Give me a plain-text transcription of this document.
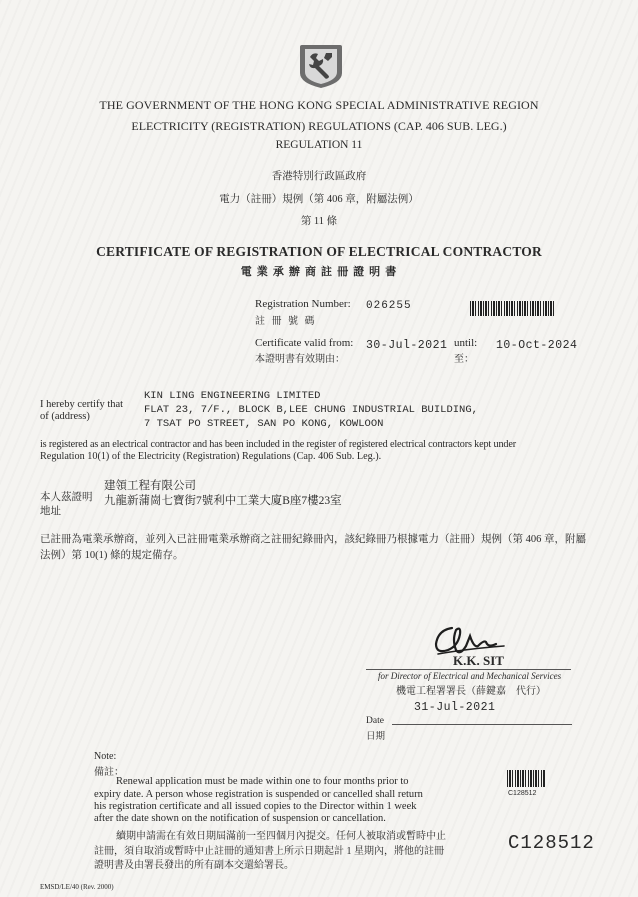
THE GOVERNMENT OF THE HONG KONG SPECIAL ADMINISTRATIVE REGION
ELECTRICITY (REGISTRATION) REGULATIONS (CAP. 406 SUB. LEG.)
REGULATION 11
香港特別行政區政府
電力（註冊）規例（第 406 章，附屬法例）
第 11 條
CERTIFICATE OF REGISTRATION OF ELECTRICAL CONTRACTOR
電 業 承 辦 商 註 冊 證 明 書
Registration Number:
註 冊 號 碼
026255
Certificate valid from:
本證明書有效期由：
30-Jul-2021 until:
至：
10-Oct-2024
I hereby certify that
of (address)
KIN LING ENGINEERING LIMITED
FLAT 23, 7/F., BLOCK B,LEE CHUNG INDUSTRIAL BUILDING,
7 TSAT PO STREET, SAN PO KONG, KOWLOON
is registered as an electrical contractor and has been included in the register of registered electrical contractors kept under
Regulation 10(1) of the Electricity (Registration) Regulations (Cap. 406 Sub. Leg.).
本人茲證明
地址
建領工程有限公司
九龍新蒲崗七寶街7號利中工業大廈B座7樓23室
已註冊為電業承辦商，並列入已註冊電業承辦商之註冊紀錄冊內，該紀錄冊乃根據電力（註冊）規例（第 406 章，附屬
法例）第 10(1) 條的規定備存。
K.K. SIT
for Director of Electrical and Mechanical Services
機電工程署署長（薛鍵嘉　代行）
31-Jul-2021
Date
日期
Note:
備註：
Renewal application must be made within one to four months prior to
expiry date. A person whose registration is suspended or cancelled shall return
his registration certificate and all issued copies to the Director within 1 week
after the date shown on the notification of suspension or cancellation.
續期申請需在有效日期屆滿前一至四個月內提交。任何人被取消或暫時中止
註冊，須自取消或暫時中止註冊的通知書上所示日期起計 1 星期內，將他的註冊
證明書及由署長發出的所有副本交還給署長。
C128512
C128512
EMSD/LE/40 (Rev. 2000)
